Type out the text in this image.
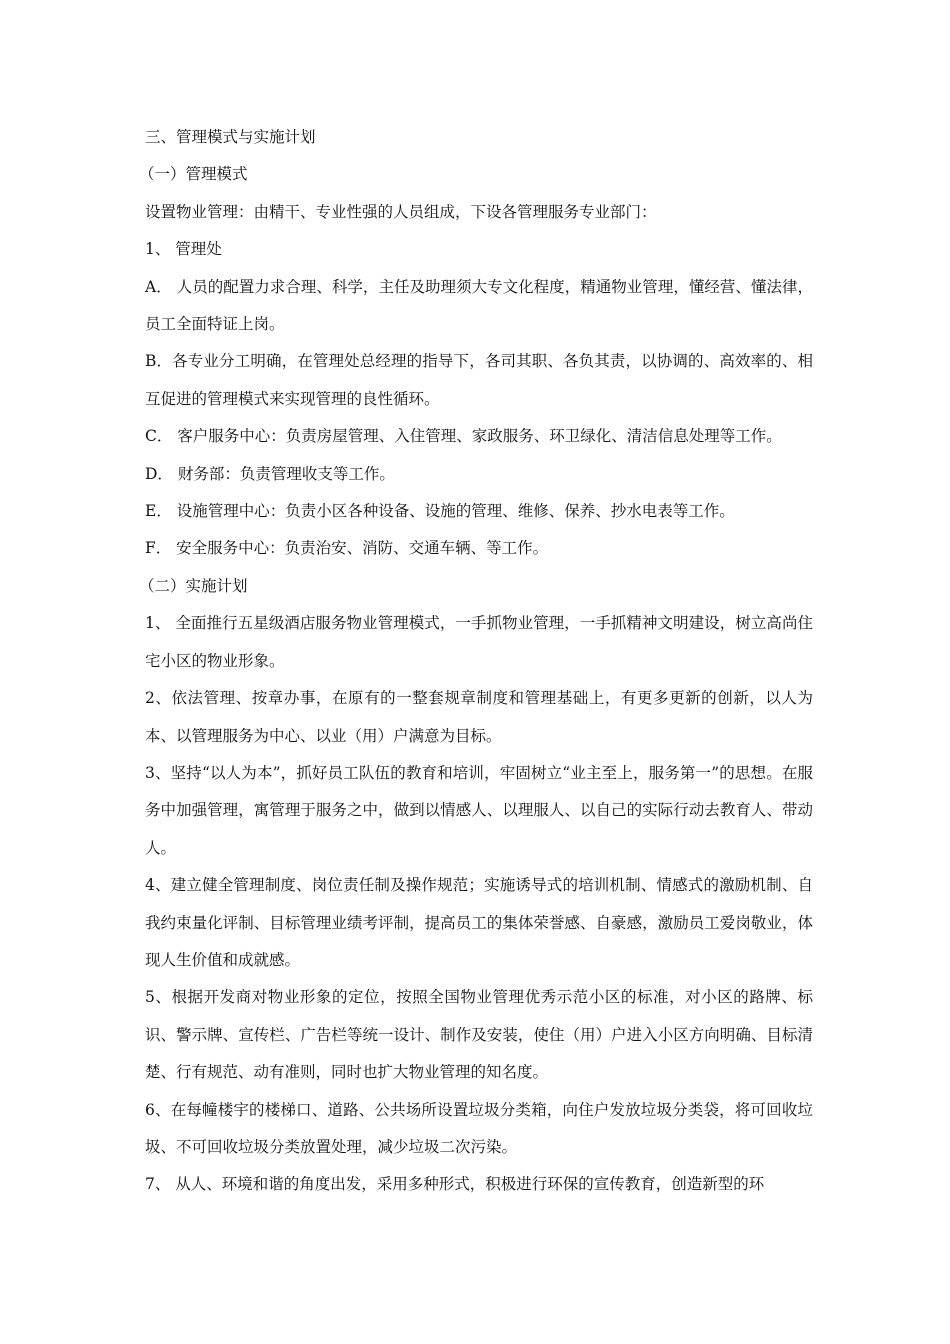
三、管理模式与实施计划

（一）管理模式

设置物业管理：由精干、专业性强的人员组成，下设各管理服务专业部门：

1、 管理处

A． 人员的配置力求合理、科学，主任及助理须大专文化程度，精通物业管理，懂经营、懂法律，员工全面特证上岗。

B．各专业分工明确，在管理处总经理的指导下，各司其职、各负其责，以协调的、高效率的、相互促进的管理模式来实现管理的良性循环。

C． 客户服务中心：负责房屋管理、入住管理、家政服务、环卫绿化、清洁信息处理等工作。

D． 财务部：负责管理收支等工作。

E． 设施管理中心：负责小区各种设备、设施的管理、维修、保养、抄水电表等工作。

F． 安全服务中心：负责治安、消防、交通车辆、等工作。

（二）实施计划

1、 全面推行五星级酒店服务物业管理模式，一手抓物业管理，一手抓精神文明建设，树立高尚住宅小区的物业形象。

2、依法管理、按章办事，在原有的一整套规章制度和管理基础上，有更多更新的创新，以人为本、以管理服务为中心、以业（用）户满意为目标。

3、坚持“以人为本”，抓好员工队伍的教育和培训，牢固树立“业主至上，服务第一”的思想。在服务中加强管理，寓管理于服务之中，做到以情感人、以理服人、以自己的实际行动去教育人、带动人。

4、建立健全管理制度、岗位责任制及操作规范；实施诱导式的培训机制、情感式的激励机制、自我约束量化评制、目标管理业绩考评制，提高员工的集体荣誉感、自豪感，激励员工爱岗敬业，体现人生价值和成就感。

5、根据开发商对物业形象的定位，按照全国物业管理优秀示范小区的标准，对小区的路牌、标识、警示牌、宣传栏、广告栏等统一设计、制作及安装，使住（用）户进入小区方向明确、目标清楚、行有规范、动有准则，同时也扩大物业管理的知名度。

6、在每幢楼宇的楼梯口、道路、公共场所设置垃圾分类箱，向住户发放垃圾分类袋，将可回收垃圾、不可回收垃圾分类放置处理，减少垃圾二次污染。

7、 从人、环境和谐的角度出发，采用多种形式，积极进行环保的宣传教育，创造新型的环
